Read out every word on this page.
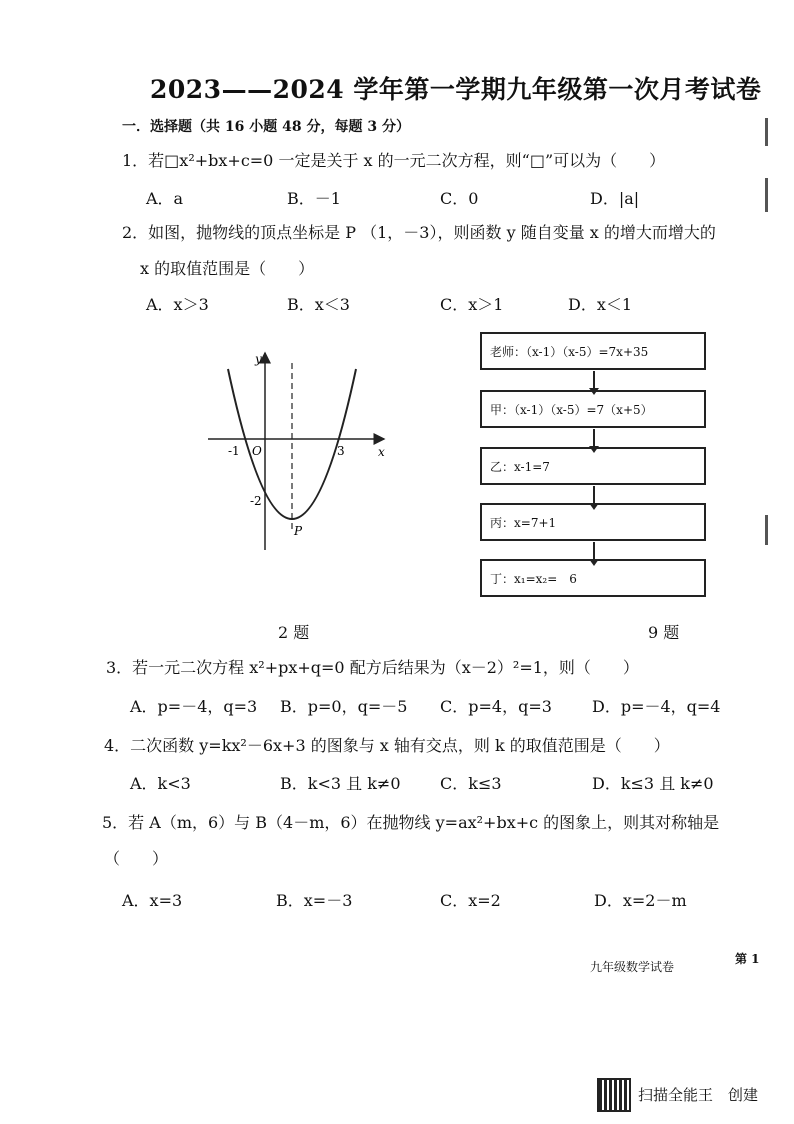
2023——2024 学年第一学期九年级第一次月考试卷
一．选择题（共 16 小题 48 分，每题 3 分）
1．若□x²+bx+c=0 一定是关于 x 的一元二次方程，则“□”可以为（　　）
A．a	B．－1	C．0	D．|a|
2．如图，抛物线的顶点坐标是 P （1，－3），则函数 y 随自变量 x 的增大而增大的
x 的取值范围是（　　）
A．x＞3	B．x＜3	C．x＞1	D．x＜1
y
x
O
-1	3
-2
P
老师：（x-1）（x-5）=7x+35
甲：（x-1）（x-5）=7（x+5）
乙：x-1=7
丙：x=7+1
丁：x₁=x₂=　6
2 题	9 题
3．若一元二次方程 x²+px+q=0 配方后结果为（x－2）²=1，则（　　）
A．p=－4，q=3 B．p=0，q=－5 C．p=4，q=3	D．p=－4，q=4
4．二次函数 y=kx²－6x+3 的图象与 x 轴有交点，则 k 的取值范围是（　　）
A．k<3	B．k<3 且 k≠0 C．k≤3	D．k≤3 且 k≠0
5．若 A（m，6）与 B（4－m，6）在抛物线 y=ax²+bx+c 的图象上，则其对称轴是
（　　）
A．x=3	B．x=－3	C．x=2	D．x=2－m
九年级数学试卷
第 1
扫描全能王　创建
